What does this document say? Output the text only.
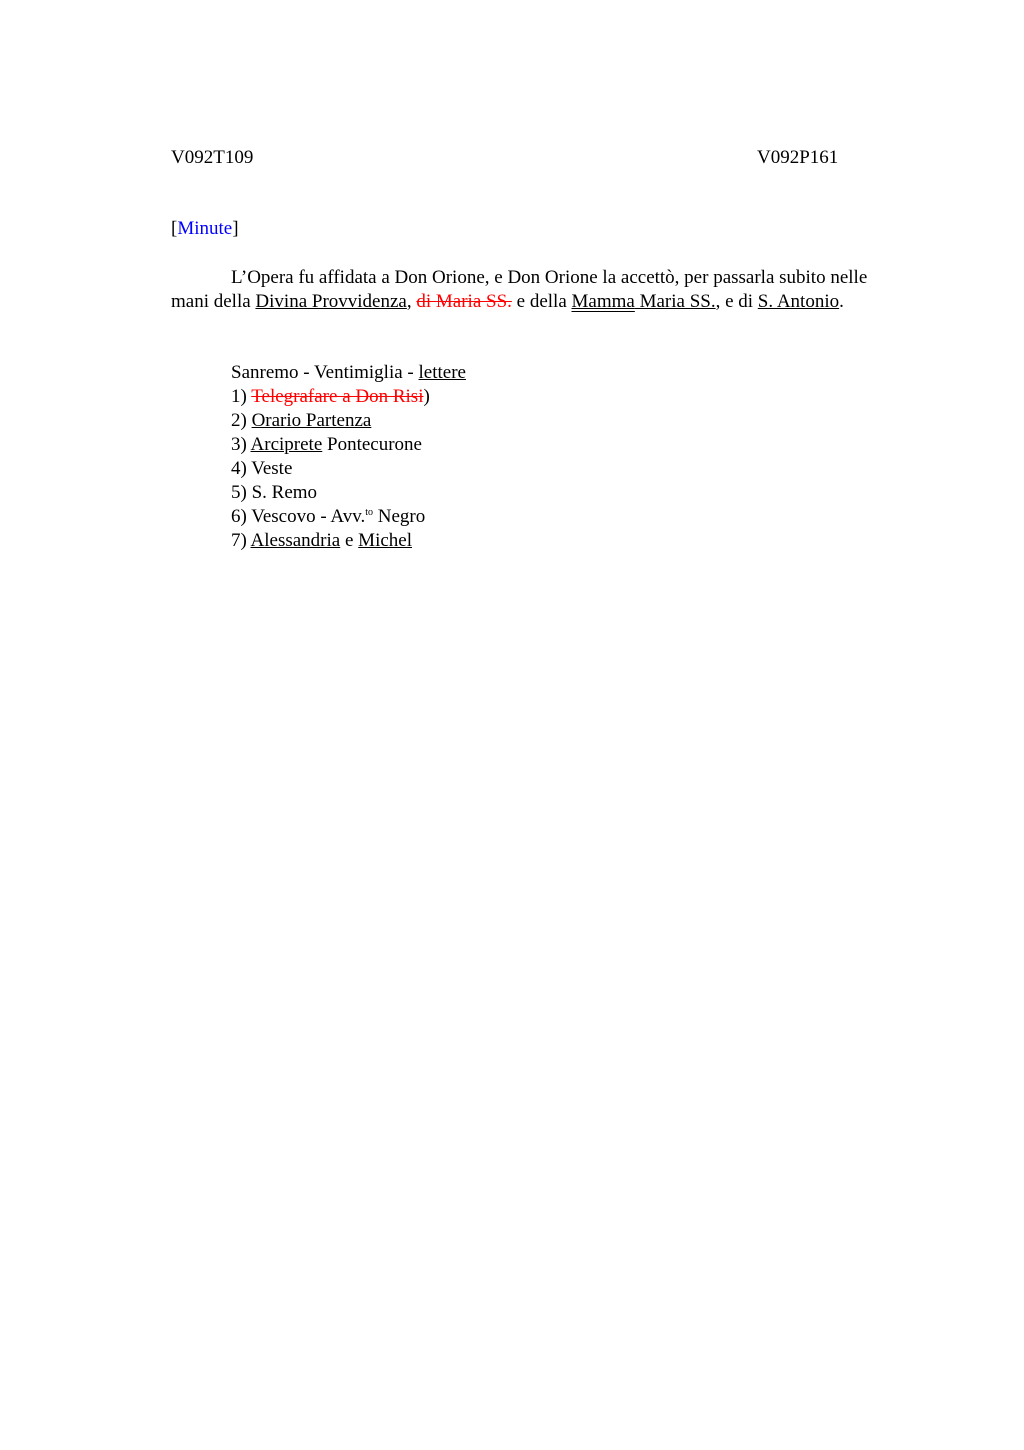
V092T109	V092P161
[Minute]
L’Opera fu affidata a Don Orione, e Don Orione la accettò, per passarla subito nelle
mani della Divina Provvidenza, di Maria SS. e della Mamma Maria SS., e di S. Antonio.
Sanremo - Ventimiglia - lettere
1) Telegrafare a Don Risi)
2) Orario Partenza
3) Arciprete Pontecurone
4) Veste
5) S. Remo
6) Vescovo - Avv.$^{to}$ Negro
7) Alessandria e Michel
